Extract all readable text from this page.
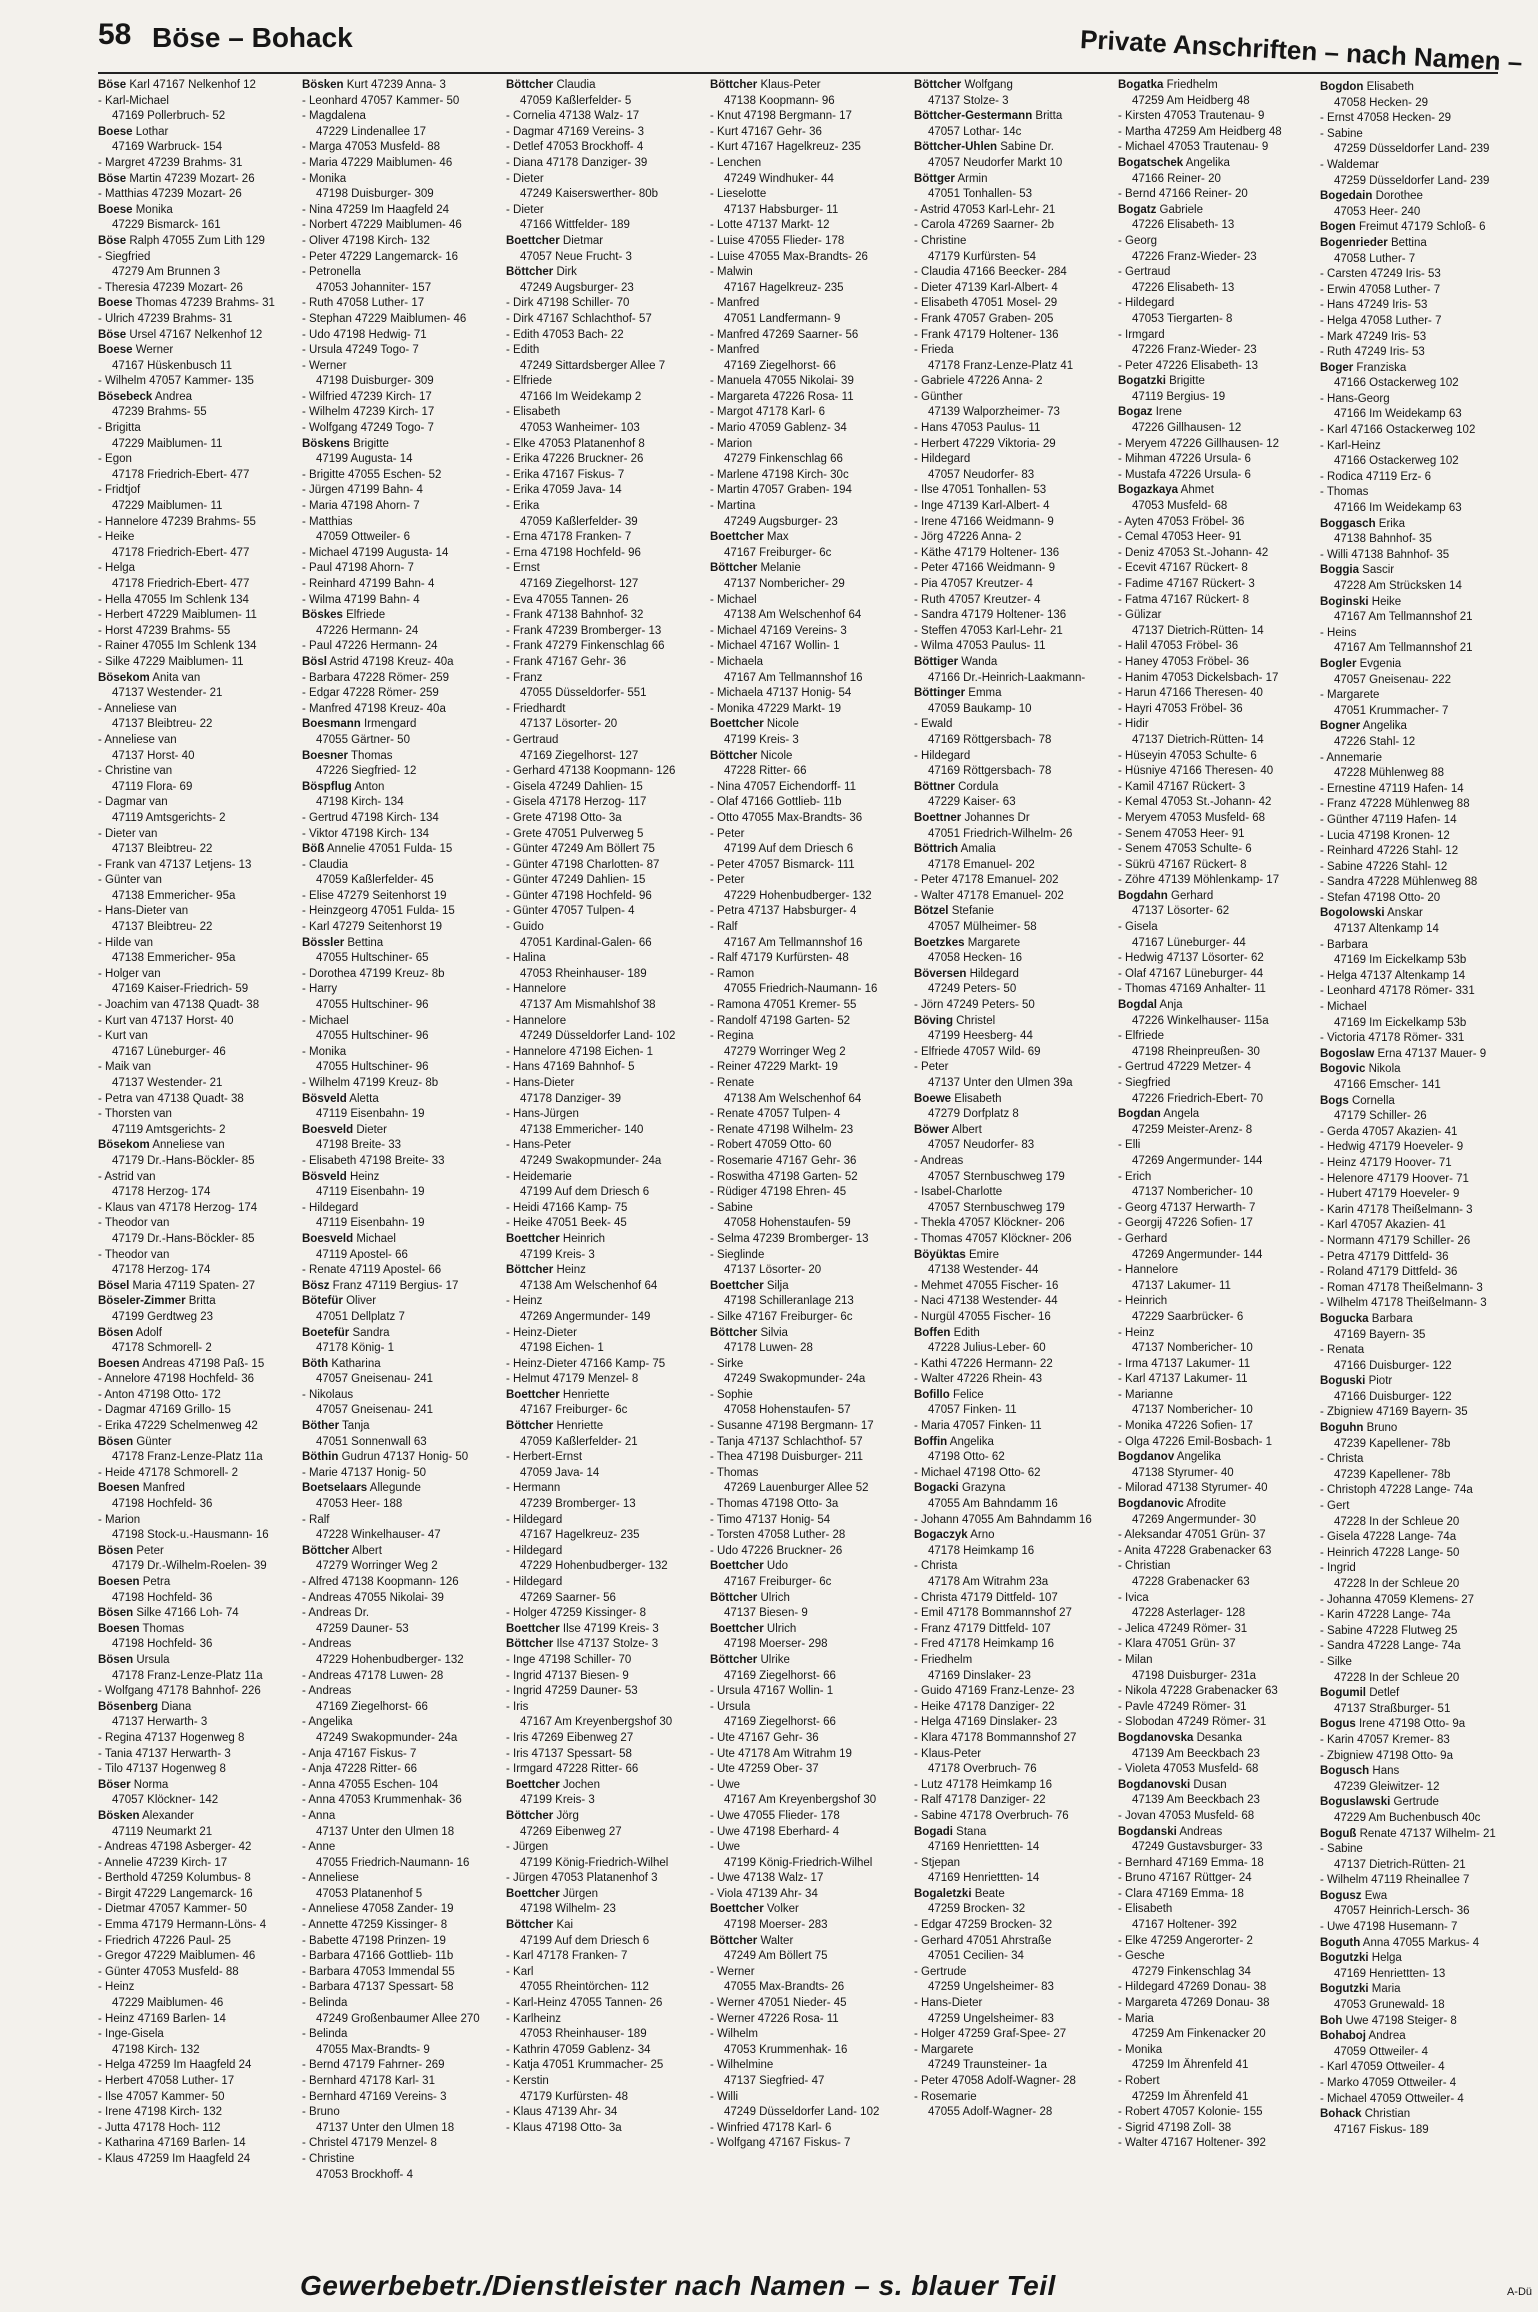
58 Böse – Bohack	Private Anschriften – nach Namen –
Böse Karl 47167 Nelkenhof 12
- Karl-Michael
47169 Pollerbruch- 52
Boese Lothar
47169 Warbruck- 154
- Margret 47239 Brahms- 31
Böse Martin 47239 Mozart- 26
- Matthias 47239 Mozart- 26
Boese Monika
47229 Bismarck- 161
Böse Ralph 47055 Zum Lith 129
- Siegfried
47279 Am Brunnen 3
- Theresia 47239 Mozart- 26
Boese Thomas 47239 Brahms- 31
- Ulrich 47239 Brahms- 31
Böse Ursel 47167 Nelkenhof 12
Boese Werner
47167 Hüskenbusch 11
- Wilhelm 47057 Kammer- 135
Bösebeck Andrea
47239 Brahms- 55
- Brigitta
47229 Maiblumen- 11
- Egon
47178 Friedrich-Ebert- 477
- Fridtjof
47229 Maiblumen- 11
- Hannelore 47239 Brahms- 55
- Heike
47178 Friedrich-Ebert- 477
- Helga
47178 Friedrich-Ebert- 477
- Hella 47055 Im Schlenk 134
- Herbert 47229 Maiblumen- 11
- Horst 47239 Brahms- 55
- Rainer 47055 Im Schlenk 134
- Silke 47229 Maiblumen- 11
Bösekom Anita van
47137 Westender- 21
- Anneliese van
47137 Bleibtreu- 22
- Anneliese van
47137 Horst- 40
- Christine van
47119 Flora- 69
- Dagmar van
47119 Amtsgerichts- 2
- Dieter van
47137 Bleibtreu- 22
- Frank van 47137 Letjens- 13
- Günter van
47138 Emmericher- 95a
- Hans-Dieter van
47137 Bleibtreu- 22
- Hilde van
47138 Emmericher- 95a
- Holger van
47169 Kaiser-Friedrich- 59
- Joachim van 47138 Quadt- 38
- Kurt van 47137 Horst- 40
- Kurt van
47167 Lüneburger- 46
- Maik van
47137 Westender- 21
- Petra van 47138 Quadt- 38
- Thorsten van
47119 Amtsgerichts- 2
Bösekom Anneliese van
47179 Dr.-Hans-Böckler- 85
- Astrid van
47178 Herzog- 174
- Klaus van 47178 Herzog- 174
- Theodor van
47179 Dr.-Hans-Böckler- 85
- Theodor van
47178 Herzog- 174
Bösel Maria 47119 Spaten- 27
Böseler-Zimmer Britta
47199 Gerdtweg 23
Bösen Adolf
47178 Schmorell- 2
Boesen Andreas 47198 Paß- 15
- Annelore 47198 Hochfeld- 36
- Anton 47198 Otto- 172
- Dagmar 47169 Grillo- 15
- Erika 47229 Schelmenweg 42
Bösen Günter
47178 Franz-Lenze-Platz 11a
- Heide 47178 Schmorell- 2
Boesen Manfred
47198 Hochfeld- 36
- Marion
47198 Stock-u.-Hausmann- 16
Bösen Peter
47179 Dr.-Wilhelm-Roelen- 39
Boesen Petra
47198 Hochfeld- 36
Bösen Silke 47166 Loh- 74
Boesen Thomas
47198 Hochfeld- 36
Bösen Ursula
47178 Franz-Lenze-Platz 11a
- Wolfgang 47178 Bahnhof- 226
Bösenberg Diana
47137 Herwarth- 3
- Regina 47137 Hogenweg 8
- Tania 47137 Herwarth- 3
- Tilo 47137 Hogenweg 8
Böser Norma
47057 Klöckner- 142
Bösken Alexander
47119 Neumarkt 21
- Andreas 47198 Asberger- 42
- Annelie 47239 Kirch- 17
- Berthold 47259 Kolumbus- 8
- Birgit 47229 Langemarck- 16
- Dietmar 47057 Kammer- 50
- Emma 47179 Hermann-Löns- 4
- Friedrich 47226 Paul- 25
- Gregor 47229 Maiblumen- 46
- Günter 47053 Musfeld- 88
- Heinz
47229 Maiblumen- 46
- Heinz 47169 Barlen- 14
- Inge-Gisela
47198 Kirch- 132
- Helga 47259 Im Haagfeld 24
- Herbert 47058 Luther- 17
- Ilse 47057 Kammer- 50
- Irene 47198 Kirch- 132
- Jutta 47178 Hoch- 112
- Katharina 47169 Barlen- 14
- Klaus 47259 Im Haagfeld 24
Bösken Kurt 47239 Anna- 3
- Leonhard 47057 Kammer- 50
- Magdalena
47229 Lindenallee 17
- Marga 47053 Musfeld- 88
- Maria 47229 Maiblumen- 46
- Monika
47198 Duisburger- 309
- Nina 47259 Im Haagfeld 24
- Norbert 47229 Maiblumen- 46
- Oliver 47198 Kirch- 132
- Peter 47229 Langemarck- 16
- Petronella
47053 Johanniter- 157
- Ruth 47058 Luther- 17
- Stephan 47229 Maiblumen- 46
- Udo 47198 Hedwig- 71
- Ursula 47249 Togo- 7
- Werner
47198 Duisburger- 309
- Wilfried 47239 Kirch- 17
- Wilhelm 47239 Kirch- 17
- Wolfgang 47249 Togo- 7
Böskens Brigitte
47199 Augusta- 14
- Brigitte 47055 Eschen- 52
- Jürgen 47199 Bahn- 4
- Maria 47198 Ahorn- 7
- Matthias
47059 Ottweiler- 6
- Michael 47199 Augusta- 14
- Paul 47198 Ahorn- 7
- Reinhard 47199 Bahn- 4
- Wilma 47199 Bahn- 4
Böskes Elfriede
47226 Hermann- 24
- Paul 47226 Hermann- 24
Bösl Astrid 47198 Kreuz- 40a
- Barbara 47228 Römer- 259
- Edgar 47228 Römer- 259
- Manfred 47198 Kreuz- 40a
Boesmann Irmengard
47055 Gärtner- 50
Boesner Thomas
47226 Siegfried- 12
Böspflug Anton
47198 Kirch- 134
- Gertrud 47198 Kirch- 134
- Viktor 47198 Kirch- 134
Böß Annelie 47051 Fulda- 15
- Claudia
47059 Kaßlerfelder- 45
- Elise 47279 Seitenhorst 19
- Heinzgeorg 47051 Fulda- 15
- Karl 47279 Seitenhorst 19
Bössler Bettina
47055 Hultschiner- 65
- Dorothea 47199 Kreuz- 8b
- Harry
47055 Hultschiner- 96
- Michael
47055 Hultschiner- 96
- Monika
47055 Hultschiner- 96
- Wilhelm 47199 Kreuz- 8b
Bösveld Aletta
47119 Eisenbahn- 19
Boesveld Dieter
47198 Breite- 33
- Elisabeth 47198 Breite- 33
Bösveld Heinz
47119 Eisenbahn- 19
- Hildegard
47119 Eisenbahn- 19
Boesveld Michael
47119 Apostel- 66
- Renate 47119 Apostel- 66
Bösz Franz 47119 Bergius- 17
Bötefür Oliver
47051 Dellplatz 7
Boetefür Sandra
47178 König- 1
Böth Katharina
47057 Gneisenau- 241
- Nikolaus
47057 Gneisenau- 241
Böther Tanja
47051 Sonnenwall 63
Böthin Gudrun 47137 Honig- 50
- Marie 47137 Honig- 50
Boetselaars Allegunde
47053 Heer- 188
- Ralf
47228 Winkelhauser- 47
Böttcher Albert
47279 Worringer Weg 2
- Alfred 47138 Koopmann- 126
- Andreas 47055 Nikolai- 39
- Andreas Dr.
47259 Dauner- 53
- Andreas
47229 Hohenbudberger- 132
- Andreas 47178 Luwen- 28
- Andreas
47169 Ziegelhorst- 66
- Angelika
47249 Swakopmunder- 24a
- Anja 47167 Fiskus- 7
- Anja 47228 Ritter- 66
- Anna 47055 Eschen- 104
- Anna 47053 Krummenhak- 36
- Anna
47137 Unter den Ulmen 18
- Anne
47055 Friedrich-Naumann- 16
- Anneliese
47053 Platanenhof 5
- Anneliese 47058 Zander- 19
- Annette 47259 Kissinger- 8
- Babette 47198 Prinzen- 19
- Barbara 47166 Gottlieb- 11b
- Barbara 47053 Immendal 55
- Barbara 47137 Spessart- 58
- Belinda
47249 Großenbaumer Allee 270
- Belinda
47055 Max-Brandts- 9
- Bernd 47179 Fahrner- 269
- Bernhard 47178 Karl- 31
- Bernhard 47169 Vereins- 3
- Bruno
47137 Unter den Ulmen 18
- Christel 47179 Menzel- 8
- Christine
47053 Brockhoff- 4
Böttcher Claudia
47059 Kaßlerfelder- 5
- Cornelia 47138 Walz- 17
- Dagmar 47169 Vereins- 3
- Detlef 47053 Brockhoff- 4
- Diana 47178 Danziger- 39
- Dieter
47249 Kaiserswerther- 80b
- Dieter
47166 Wittfelder- 189
Boettcher Dietmar
47057 Neue Frucht- 3
Böttcher Dirk
47249 Augsburger- 23
- Dirk 47198 Schiller- 70
- Dirk 47167 Schlachthof- 57
- Edith 47053 Bach- 22
- Edith
47249 Sittardsberger Allee 7
- Elfriede
47166 Im Weidekamp 2
- Elisabeth
47053 Wanheimer- 103
- Elke 47053 Platanenhof 8
- Erika 47226 Bruckner- 26
- Erika 47167 Fiskus- 7
- Erika 47059 Java- 14
- Erika
47059 Kaßlerfelder- 39
- Erna 47178 Franken- 7
- Erna 47198 Hochfeld- 96
- Ernst
47169 Ziegelhorst- 127
- Eva 47055 Tannen- 26
- Frank 47138 Bahnhof- 32
- Frank 47239 Bromberger- 13
- Frank 47279 Finkenschlag 66
- Frank 47167 Gehr- 36
- Franz
47055 Düsseldorfer- 551
- Friedhardt
47137 Lösorter- 20
- Gertraud
47169 Ziegelhorst- 127
- Gerhard 47138 Koopmann- 126
- Gisela 47249 Dahlien- 15
- Gisela 47178 Herzog- 117
- Grete 47198 Otto- 3a
- Grete 47051 Pulverweg 5
- Günter 47249 Am Böllert 75
- Günter 47198 Charlotten- 87
- Günter 47249 Dahlien- 15
- Günter 47198 Hochfeld- 96
- Günter 47057 Tulpen- 4
- Guido
47051 Kardinal-Galen- 66
- Halina
47053 Rheinhauser- 189
- Hannelore
47137 Am Mismahlshof 38
- Hannelore
47249 Düsseldorfer Land- 102
- Hannelore 47198 Eichen- 1
- Hans 47169 Bahnhof- 5
- Hans-Dieter
47178 Danziger- 39
- Hans-Jürgen
47138 Emmericher- 140
- Hans-Peter
47249 Swakopmunder- 24a
- Heidemarie
47199 Auf dem Driesch 6
- Heidi 47166 Kamp- 75
- Heike 47051 Beek- 45
Boettcher Heinrich
47199 Kreis- 3
Böttcher Heinz
47138 Am Welschenhof 64
- Heinz
47269 Angermunder- 149
- Heinz-Dieter
47198 Eichen- 1
- Heinz-Dieter 47166 Kamp- 75
- Helmut 47179 Menzel- 8
Boettcher Henriette
47167 Freiburger- 6c
Böttcher Henriette
47059 Kaßlerfelder- 21
- Herbert-Ernst
47059 Java- 14
- Hermann
47239 Bromberger- 13
- Hildegard
47167 Hagelkreuz- 235
- Hildegard
47229 Hohenbudberger- 132
- Hildegard
47269 Saarner- 56
- Holger 47259 Kissinger- 8
Boettcher Ilse 47199 Kreis- 3
Böttcher Ilse 47137 Stolze- 3
- Inge 47198 Schiller- 70
- Ingrid 47137 Biesen- 9
- Ingrid 47259 Dauner- 53
- Iris
47167 Am Kreyenbergshof 30
- Iris 47269 Eibenweg 27
- Iris 47137 Spessart- 58
- Irmgard 47228 Ritter- 66
Boettcher Jochen
47199 Kreis- 3
Böttcher Jörg
47269 Eibenweg 27
- Jürgen
47199 König-Friedrich-Wilhel
- Jürgen 47053 Platanenhof 3
Boettcher Jürgen
47198 Wilhelm- 23
Böttcher Kai
47199 Auf dem Driesch 6
- Karl 47178 Franken- 7
- Karl
47055 Rheintörchen- 112
- Karl-Heinz 47055 Tannen- 26
- Karlheinz
47053 Rheinhauser- 189
- Kathrin 47059 Gablenz- 34
- Katja 47051 Krummacher- 25
- Kerstin
47179 Kurfürsten- 48
- Klaus 47139 Ahr- 34
- Klaus 47198 Otto- 3a
Böttcher Klaus-Peter
47138 Koopmann- 96
- Knut 47198 Bergmann- 17
- Kurt 47167 Gehr- 36
- Kurt 47167 Hagelkreuz- 235
- Lenchen
47249 Windhuker- 44
- Lieselotte
47137 Habsburger- 11
- Lotte 47137 Markt- 12
- Luise 47055 Flieder- 178
- Luise 47055 Max-Brandts- 26
- Malwin
47167 Hagelkreuz- 235
- Manfred
47051 Landfermann- 9
- Manfred 47269 Saarner- 56
- Manfred
47169 Ziegelhorst- 66
- Manuela 47055 Nikolai- 39
- Margareta 47226 Rosa- 11
- Margot 47178 Karl- 6
- Mario 47059 Gablenz- 34
- Marion
47279 Finkenschlag 66
- Marlene 47198 Kirch- 30c
- Martin 47057 Graben- 194
- Martina
47249 Augsburger- 23
Boettcher Max
47167 Freiburger- 6c
Böttcher Melanie
47137 Nombericher- 29
- Michael
47138 Am Welschenhof 64
- Michael 47169 Vereins- 3
- Michael 47167 Wollin- 1
- Michaela
47167 Am Tellmannshof 16
- Michaela 47137 Honig- 54
- Monika 47229 Markt- 19
Boettcher Nicole
47199 Kreis- 3
Böttcher Nicole
47228 Ritter- 66
- Nina 47057 Eichendorff- 11
- Olaf 47166 Gottlieb- 11b
- Otto 47055 Max-Brandts- 36
- Peter
47199 Auf dem Driesch 6
- Peter 47057 Bismarck- 111
- Peter
47229 Hohenbudberger- 132
- Petra 47137 Habsburger- 4
- Ralf
47167 Am Tellmannshof 16
- Ralf 47179 Kurfürsten- 48
- Ramon
47055 Friedrich-Naumann- 16
- Ramona 47051 Kremer- 55
- Randolf 47198 Garten- 52
- Regina
47279 Worringer Weg 2
- Reiner 47229 Markt- 19
- Renate
47138 Am Welschenhof 64
- Renate 47057 Tulpen- 4
- Renate 47198 Wilhelm- 23
- Robert 47059 Otto- 60
- Rosemarie 47167 Gehr- 36
- Roswitha 47198 Garten- 52
- Rüdiger 47198 Ehren- 45
- Sabine
47058 Hohenstaufen- 59
- Selma 47239 Bromberger- 13
- Sieglinde
47137 Lösorter- 20
Boettcher Silja
47198 Schilleranlage 213
- Silke 47167 Freiburger- 6c
Böttcher Silvia
47178 Luwen- 28
- Sirke
47249 Swakopmunder- 24a
- Sophie
47058 Hohenstaufen- 57
- Susanne 47198 Bergmann- 17
- Tanja 47137 Schlachthof- 57
- Thea 47198 Duisburger- 211
- Thomas
47269 Lauenburger Allee 52
- Thomas 47198 Otto- 3a
- Timo 47137 Honig- 54
- Torsten 47058 Luther- 28
- Udo 47226 Bruckner- 26
Boettcher Udo
47167 Freiburger- 6c
Böttcher Ulrich
47137 Biesen- 9
Boettcher Ulrich
47198 Moerser- 298
Böttcher Ulrike
47169 Ziegelhorst- 66
- Ursula 47167 Wollin- 1
- Ursula
47169 Ziegelhorst- 66
- Ute 47167 Gehr- 36
- Ute 47178 Am Witrahm 19
- Ute 47259 Ober- 37
- Uwe
47167 Am Kreyenbergshof 30
- Uwe 47055 Flieder- 178
- Uwe 47198 Eberhard- 4
- Uwe
47199 König-Friedrich-Wilhel
- Uwe 47138 Walz- 17
- Viola 47139 Ahr- 34
Boettcher Volker
47198 Moerser- 283
Böttcher Walter
47249 Am Böllert 75
- Werner
47055 Max-Brandts- 26
- Werner 47051 Nieder- 45
- Werner 47226 Rosa- 11
- Wilhelm
47053 Krummenhak- 16
- Wilhelmine
47137 Siegfried- 47
- Willi
47249 Düsseldorfer Land- 102
- Winfried 47178 Karl- 6
- Wolfgang 47167 Fiskus- 7
Böttcher Wolfgang
47137 Stolze- 3
Böttcher-Gestermann Britta
47057 Lothar- 14c
Böttcher-Uhlen Sabine Dr.
47057 Neudorfer Markt 10
Böttger Armin
47051 Tonhallen- 53
- Astrid 47053 Karl-Lehr- 21
- Carola 47269 Saarner- 2b
- Christine
47179 Kurfürsten- 54
- Claudia 47166 Beecker- 284
- Dieter 47139 Karl-Albert- 4
- Elisabeth 47051 Mosel- 29
- Frank 47057 Graben- 205
- Frank 47179 Holtener- 136
- Frieda
47178 Franz-Lenze-Platz 41
- Gabriele 47226 Anna- 2
- Günther
47139 Walporzheimer- 73
- Hans 47053 Paulus- 11
- Herbert 47229 Viktoria- 29
- Hildegard
47057 Neudorfer- 83
- Ilse 47051 Tonhallen- 53
- Inge 47139 Karl-Albert- 4
- Irene 47166 Weidmann- 9
- Jörg 47226 Anna- 2
- Käthe 47179 Holtener- 136
- Peter 47166 Weidmann- 9
- Pia 47057 Kreutzer- 4
- Ruth 47057 Kreutzer- 4
- Sandra 47179 Holtener- 136
- Steffen 47053 Karl-Lehr- 21
- Wilma 47053 Paulus- 11
Böttiger Wanda
47166 Dr.-Heinrich-Laakmann-
Böttinger Emma
47059 Baukamp- 10
- Ewald
47169 Röttgersbach- 78
- Hildegard
47169 Röttgersbach- 78
Böttner Cordula
47229 Kaiser- 63
Boettner Johannes Dr
47051 Friedrich-Wilhelm- 26
Böttrich Amalia
47178 Emanuel- 202
- Peter 47178 Emanuel- 202
- Walter 47178 Emanuel- 202
Bötzel Stefanie
47057 Mülheimer- 58
Boetzkes Margarete
47058 Hecken- 16
Böversen Hildegard
47249 Peters- 50
- Jörn 47249 Peters- 50
Böving Christel
47199 Heesberg- 44
- Elfriede 47057 Wild- 69
- Peter
47137 Unter den Ulmen 39a
Boewe Elisabeth
47279 Dorfplatz 8
Böwer Albert
47057 Neudorfer- 83
- Andreas
47057 Sternbuschweg 179
- Isabel-Charlotte
47057 Sternbuschweg 179
- Thekla 47057 Klöckner- 206
- Thomas 47057 Klöckner- 206
Böyüktas Emire
47138 Westender- 44
- Mehmet 47055 Fischer- 16
- Naci 47138 Westender- 44
- Nurgül 47055 Fischer- 16
Boffen Edith
47228 Julius-Leber- 60
- Kathi 47226 Hermann- 22
- Walter 47226 Rhein- 43
Bofillo Felice
47057 Finken- 11
- Maria 47057 Finken- 11
Boffin Angelika
47198 Otto- 62
- Michael 47198 Otto- 62
Bogacki Grazyna
47055 Am Bahndamm 16
- Johann 47055 Am Bahndamm 16
Bogaczyk Arno
47178 Heimkamp 16
- Christa
47178 Am Witrahm 23a
- Christa 47179 Dittfeld- 107
- Emil 47178 Bommannshof 27
- Franz 47179 Dittfeld- 107
- Fred 47178 Heimkamp 16
- Friedhelm
47169 Dinslaker- 23
- Guido 47169 Franz-Lenze- 23
- Heike 47178 Danziger- 22
- Helga 47169 Dinslaker- 23
- Klara 47178 Bommannshof 27
- Klaus-Peter
47178 Overbruch- 76
- Lutz 47178 Heimkamp 16
- Ralf 47178 Danziger- 22
- Sabine 47178 Overbruch- 76
Bogadi Stana
47169 Henriettten- 14
- Stjepan
47169 Henriettten- 14
Bogaletzki Beate
47259 Brocken- 32
- Edgar 47259 Brocken- 32
- Gerhard 47051 Ahrstraße
47051 Cecilien- 34
- Gertrude
47259 Ungelsheimer- 83
- Hans-Dieter
47259 Ungelsheimer- 83
- Holger 47259 Graf-Spee- 27
- Margarete
47249 Traunsteiner- 1a
- Peter 47058 Adolf-Wagner- 28
- Rosemarie
47055 Adolf-Wagner- 28
Bogatka Friedhelm
47259 Am Heidberg 48
- Kirsten 47053 Trautenau- 9
- Martha 47259 Am Heidberg 48
- Michael 47053 Trautenau- 9
Bogatschek Angelika
47166 Reiner- 20
- Bernd 47166 Reiner- 20
Bogatz Gabriele
47226 Elisabeth- 13
- Georg
47226 Franz-Wieder- 23
- Gertraud
47226 Elisabeth- 13
- Hildegard
47053 Tiergarten- 8
- Irmgard
47226 Franz-Wieder- 23
- Peter 47226 Elisabeth- 13
Bogatzki Brigitte
47119 Bergius- 19
Bogaz Irene
47226 Gillhausen- 12
- Meryem 47226 Gillhausen- 12
- Mihman 47226 Ursula- 6
- Mustafa 47226 Ursula- 6
Bogazkaya Ahmet
47053 Musfeld- 68
- Ayten 47053 Fröbel- 36
- Cemal 47053 Heer- 91
- Deniz 47053 St.-Johann- 42
- Ecevit 47167 Rückert- 8
- Fadime 47167 Rückert- 3
- Fatma 47167 Rückert- 8
- Gülizar
47137 Dietrich-Rütten- 14
- Halil 47053 Fröbel- 36
- Haney 47053 Fröbel- 36
- Hanim 47053 Dickelsbach- 17
- Harun 47166 Theresen- 40
- Hayri 47053 Fröbel- 36
- Hidir
47137 Dietrich-Rütten- 14
- Hüseyin 47053 Schulte- 6
- Hüsniye 47166 Theresen- 40
- Kamil 47167 Rückert- 3
- Kemal 47053 St.-Johann- 42
- Meryem 47053 Musfeld- 68
- Senem 47053 Heer- 91
- Senem 47053 Schulte- 6
- Sükrü 47167 Rückert- 8
- Zöhre 47139 Möhlenkamp- 17
Bogdahn Gerhard
47137 Lösorter- 62
- Gisela
47167 Lüneburger- 44
- Hedwig 47137 Lösorter- 62
- Olaf 47167 Lüneburger- 44
- Thomas 47169 Anhalter- 11
Bogdal Anja
47226 Winkelhauser- 115a
- Elfriede
47198 Rheinpreußen- 30
- Gertrud 47229 Metzer- 4
- Siegfried
47226 Friedrich-Ebert- 70
Bogdan Angela
47259 Meister-Arenz- 8
- Elli
47269 Angermunder- 144
- Erich
47137 Nombericher- 10
- Georg 47137 Herwarth- 7
- Georgij 47226 Sofien- 17
- Gerhard
47269 Angermunder- 144
- Hannelore
47137 Lakumer- 11
- Heinrich
47229 Saarbrücker- 6
- Heinz
47137 Nombericher- 10
- Irma 47137 Lakumer- 11
- Karl 47137 Lakumer- 11
- Marianne
47137 Nombericher- 10
- Monika 47226 Sofien- 17
- Olga 47226 Emil-Bosbach- 1
Bogdanov Angelika
47138 Styrumer- 40
- Milorad 47138 Styrumer- 40
Bogdanovic Afrodite
47269 Angermunder- 30
- Aleksandar 47051 Grün- 37
- Anita 47228 Grabenacker 63
- Christian
47228 Grabenacker 63
- Ivica
47228 Asterlager- 128
- Jelica 47249 Römer- 31
- Klara 47051 Grün- 37
- Milan
47198 Duisburger- 231a
- Nikola 47228 Grabenacker 63
- Pavle 47249 Römer- 31
- Slobodan 47249 Römer- 31
Bogdanovska Desanka
47139 Am Beeckbach 23
- Violeta 47053 Musfeld- 68
Bogdanovski Dusan
47139 Am Beeckbach 23
- Jovan 47053 Musfeld- 68
Bogdanski Andreas
47249 Gustavsburger- 33
- Bernhard 47169 Emma- 18
- Bruno 47167 Rüttger- 24
- Clara 47169 Emma- 18
- Elisabeth
47167 Holtener- 392
- Elke 47259 Angerorter- 2
- Gesche
47279 Finkenschlag 34
- Hildegard 47269 Donau- 38
- Margareta 47269 Donau- 38
- Maria
47259 Am Finkenacker 20
- Monika
47259 Im Ährenfeld 41
- Robert
47259 Im Ährenfeld 41
- Robert 47057 Kolonie- 155
- Sigrid 47198 Zoll- 38
- Walter 47167 Holtener- 392
Bogdon Elisabeth
47058 Hecken- 29
- Ernst 47058 Hecken- 29
- Sabine
47259 Düsseldorfer Land- 239
- Waldemar
47259 Düsseldorfer Land- 239
Bogedain Dorothee
47053 Heer- 240
Bogen Freimut 47179 Schloß- 6
Bogenrieder Bettina
47058 Luther- 7
- Carsten 47249 Iris- 53
- Erwin 47058 Luther- 7
- Hans 47249 Iris- 53
- Helga 47058 Luther- 7
- Mark 47249 Iris- 53
- Ruth 47249 Iris- 53
Boger Franziska
47166 Ostackerweg 102
- Hans-Georg
47166 Im Weidekamp 63
- Karl 47166 Ostackerweg 102
- Karl-Heinz
47166 Ostackerweg 102
- Rodica 47119 Erz- 6
- Thomas
47166 Im Weidekamp 63
Boggasch Erika
47138 Bahnhof- 35
- Willi 47138 Bahnhof- 35
Boggia Sascir
47228 Am Strücksken 14
Boginski Heike
47167 Am Tellmannshof 21
- Heins
47167 Am Tellmannshof 21
Bogler Evgenia
47057 Gneisenau- 222
- Margarete
47051 Krummacher- 7
Bogner Angelika
47226 Stahl- 12
- Annemarie
47228 Mühlenweg 88
- Ernestine 47119 Hafen- 14
- Franz 47228 Mühlenweg 88
- Günther 47119 Hafen- 14
- Lucia 47198 Kronen- 12
- Reinhard 47226 Stahl- 12
- Sabine 47226 Stahl- 12
- Sandra 47228 Mühlenweg 88
- Stefan 47198 Otto- 20
Bogolowski Anskar
47137 Altenkamp 14
- Barbara
47169 Im Eickelkamp 53b
- Helga 47137 Altenkamp 14
- Leonhard 47178 Römer- 331
- Michael
47169 Im Eickelkamp 53b
- Victoria 47178 Römer- 331
Bogoslaw Erna 47137 Mauer- 9
Bogovic Nikola
47166 Emscher- 141
Bogs Cornella
47179 Schiller- 26
- Gerda 47057 Akazien- 41
- Hedwig 47179 Hoeveler- 9
- Heinz 47179 Hoover- 71
- Helenore 47179 Hoover- 71
- Hubert 47179 Hoeveler- 9
- Karin 47178 Theißelmann- 3
- Karl 47057 Akazien- 41
- Normann 47179 Schiller- 26
- Petra 47179 Dittfeld- 36
- Roland 47179 Dittfeld- 36
- Roman 47178 Theißelmann- 3
- Wilhelm 47178 Theißelmann- 3
Bogucka Barbara
47169 Bayern- 35
- Renata
47166 Duisburger- 122
Boguski Piotr
47166 Duisburger- 122
- Zbigniew 47169 Bayern- 35
Boguhn Bruno
47239 Kapellener- 78b
- Christa
47239 Kapellener- 78b
- Christoph 47228 Lange- 74a
- Gert
47228 In der Schleue 20
- Gisela 47228 Lange- 74a
- Heinrich 47228 Lange- 50
- Ingrid
47228 In der Schleue 20
- Johanna 47059 Klemens- 27
- Karin 47228 Lange- 74a
- Sabine 47228 Flutweg 25
- Sandra 47228 Lange- 74a
- Silke
47228 In der Schleue 20
Bogumil Detlef
47137 Straßburger- 51
Bogus Irene 47198 Otto- 9a
- Karin 47057 Kremer- 83
- Zbigniew 47198 Otto- 9a
Bogusch Hans
47239 Gleiwitzer- 12
Boguslawski Gertrude
47229 Am Buchenbusch 40c
Boguß Renate 47137 Wilhelm- 21
- Sabine
47137 Dietrich-Rütten- 21
- Wilhelm 47119 Rheinallee 7
Bogusz Ewa
47057 Heinrich-Lersch- 36
- Uwe 47198 Husemann- 7
Boguth Anna 47055 Markus- 4
Bogutzki Helga
47169 Henriettten- 13
Bogutzki Maria
47053 Grunewald- 18
Boh Uwe 47198 Steiger- 8
Bohaboj Andrea
47059 Ottweiler- 4
- Karl 47059 Ottweiler- 4
- Marko 47059 Ottweiler- 4
- Michael 47059 Ottweiler- 4
Bohack Christian
47167 Fiskus- 189
Gewerbebetr./Dienstleister nach Namen – s. blauer Teil	A-Dü
